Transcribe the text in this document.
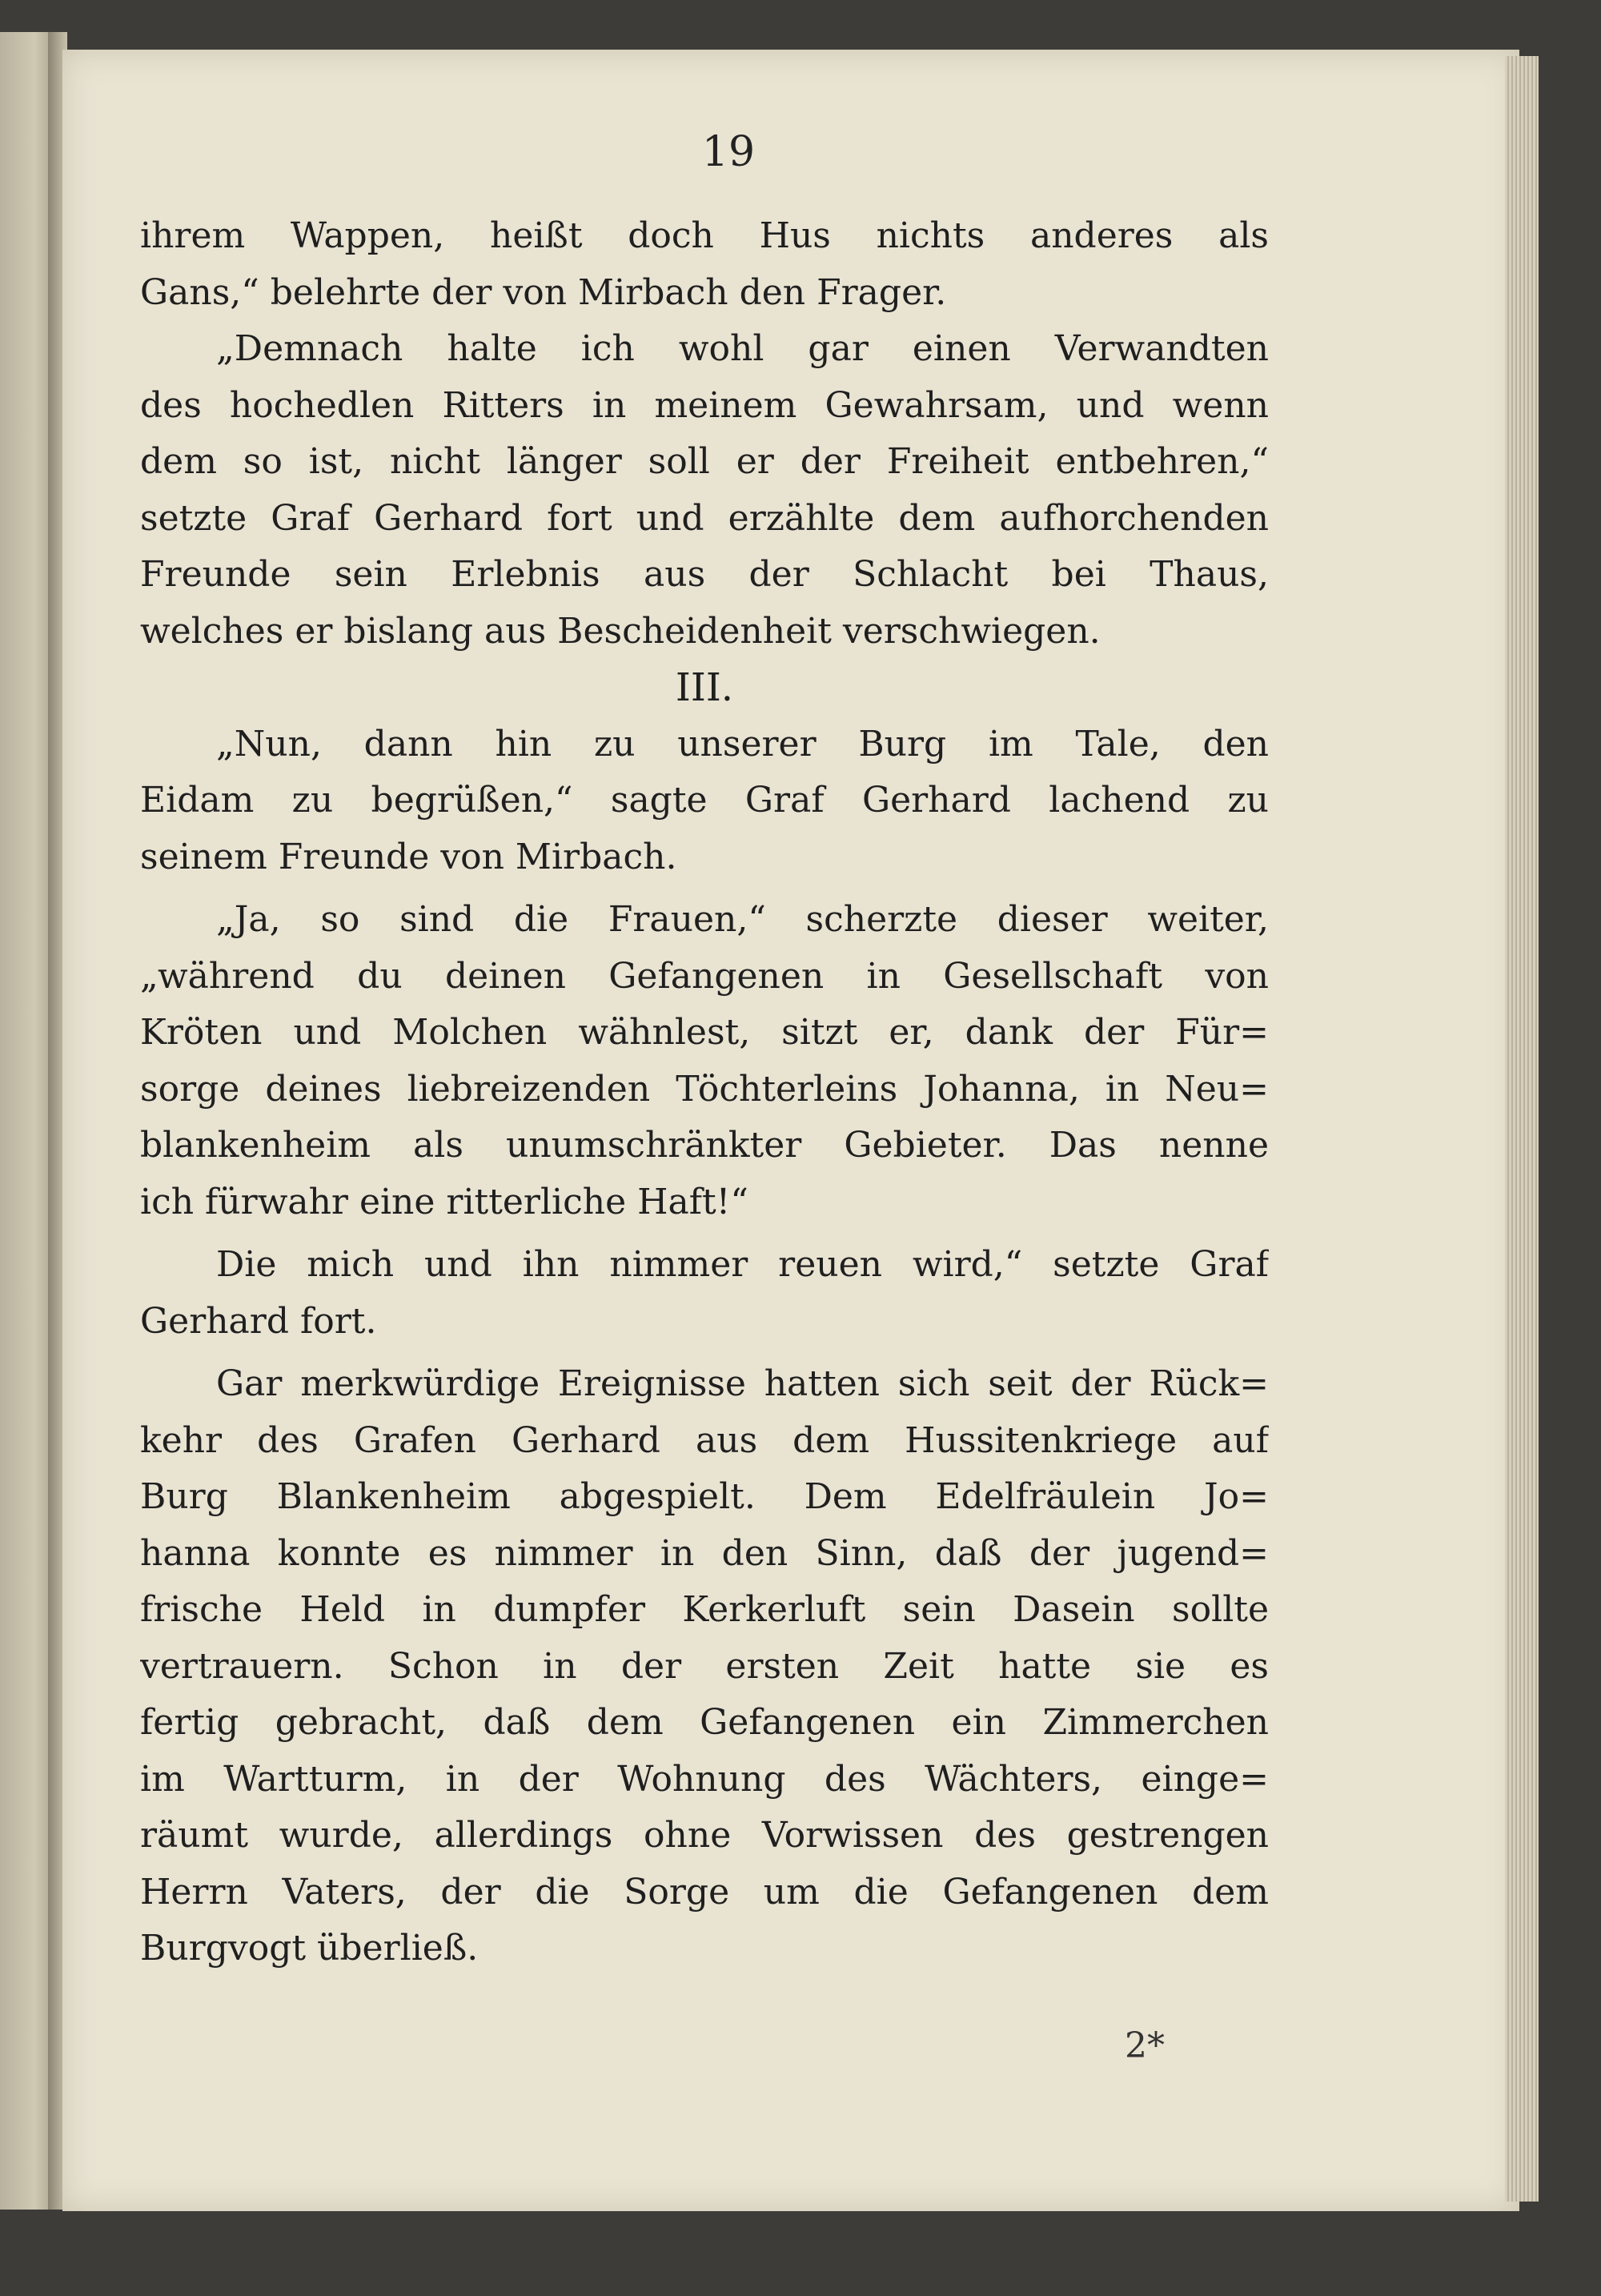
19
ihrem Wappen, heißt doch Hus nichts anderes als
Gans,“ belehrte der von Mirbach den Frager.
„Demnach halte ich wohl gar einen Verwandten
des hochedlen Ritters in meinem Gewahrsam, und wenn
dem so ist, nicht länger soll er der Freiheit entbehren,“
setzte Graf Gerhard fort und erzählte dem aufhorchenden
Freunde sein Erlebnis aus der Schlacht bei Thaus,
welches er bislang aus Bescheidenheit verschwiegen.
III.
„Nun, dann hin zu unserer Burg im Tale, den
Eidam zu begrüßen,“ sagte Graf Gerhard lachend zu
seinem Freunde von Mirbach.
„Ja, so sind die Frauen,“ scherzte dieser weiter,
„während du deinen Gefangenen in Gesellschaft von
Kröten und Molchen wähnlest, sitzt er, dank der Für=
sorge deines liebreizenden Töchterleins Johanna, in Neu=
blankenheim als unumschränkter Gebieter. Das nenne
ich fürwahr eine ritterliche Haft!“
Die mich und ihn nimmer reuen wird,“ setzte Graf
Gerhard fort.
Gar merkwürdige Ereignisse hatten sich seit der Rück=
kehr des Grafen Gerhard aus dem Hussitenkriege auf
Burg Blankenheim abgespielt. Dem Edelfräulein Jo=
hanna konnte es nimmer in den Sinn, daß der jugend=
frische Held in dumpfer Kerkerluft sein Dasein sollte
vertrauern. Schon in der ersten Zeit hatte sie es
fertig gebracht, daß dem Gefangenen ein Zimmerchen
im Wartturm, in der Wohnung des Wächters, einge=
räumt wurde, allerdings ohne Vorwissen des gestrengen
Herrn Vaters, der die Sorge um die Gefangenen dem
Burgvogt überließ.
2*
